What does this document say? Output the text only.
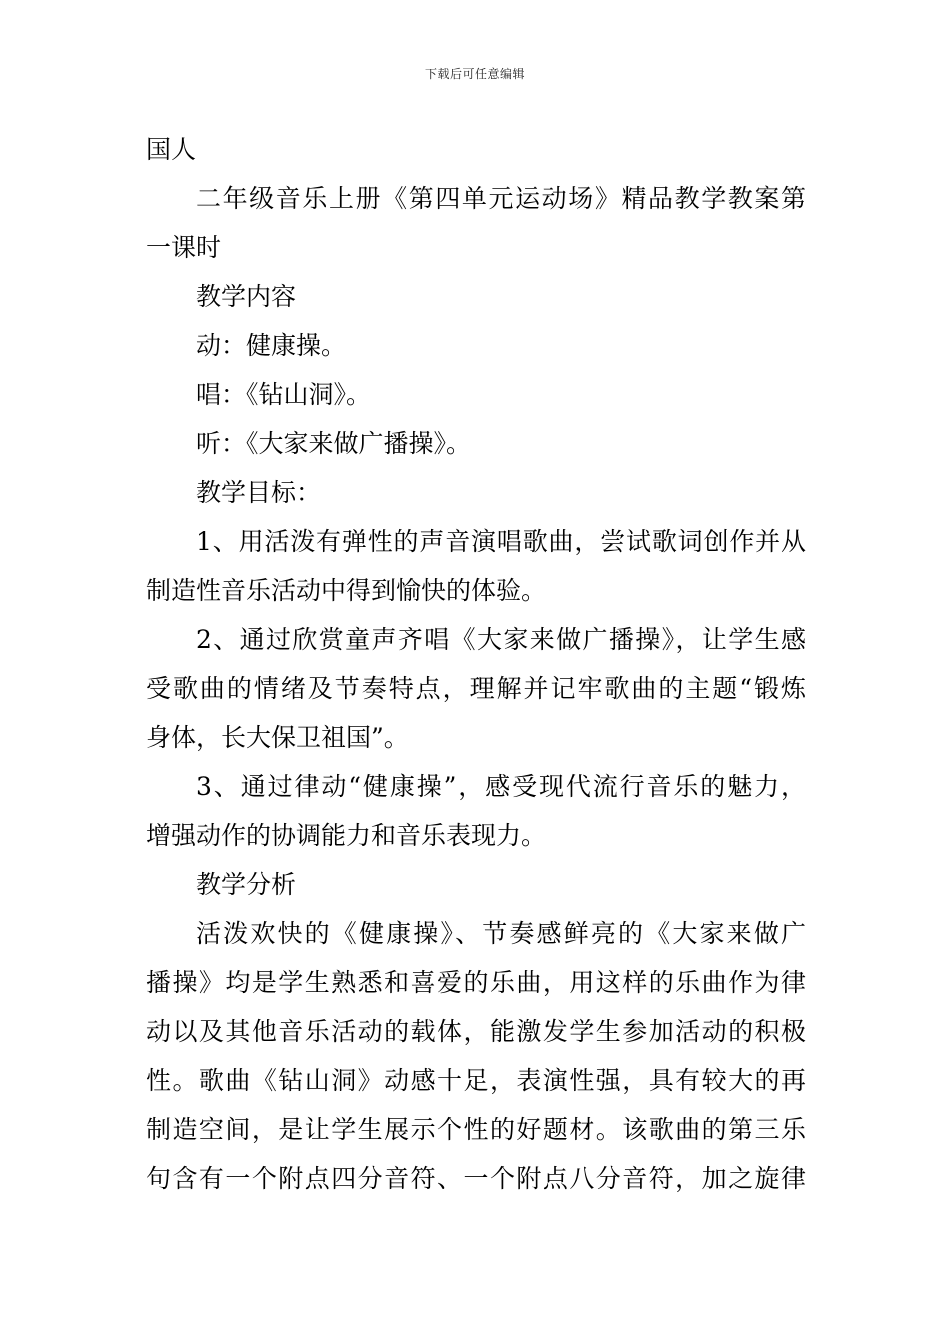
下载后可任意编辑
国人
二年级音乐上册《第四单元运动场》精品教学教案第
一课时
教学内容
动：健康操。
唱：《钻山洞》。
听：《大家来做广播操》。
教学目标：
1、用活泼有弹性的声音演唱歌曲，尝试歌词创作并从
制造性音乐活动中得到愉快的体验。
2、通过欣赏童声齐唱《大家来做广播操》，让学生感
受歌曲的情绪及节奏特点，理解并记牢歌曲的主题“锻炼
身体，长大保卫祖国”。
3、通过律动“健康操”，感受现代流行音乐的魅力，
增强动作的协调能力和音乐表现力。
教学分析
活泼欢快的《健康操》、节奏感鲜亮的《大家来做广
播操》均是学生熟悉和喜爱的乐曲，用这样的乐曲作为律
动以及其他音乐活动的载体，能激发学生参加活动的积极
性。歌曲《钻山洞》动感十足，表演性强，具有较大的再
制造空间，是让学生展示个性的好题材。该歌曲的第三乐
句含有一个附点四分音符、一个附点八分音符，加之旋律
